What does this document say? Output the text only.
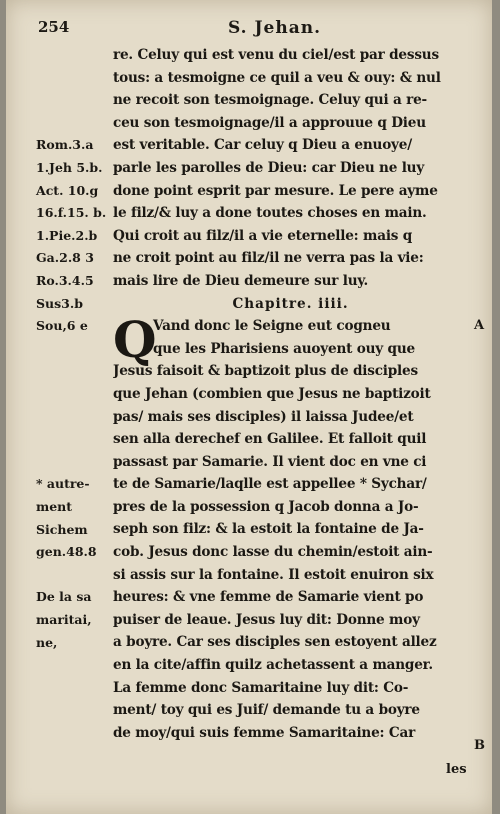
254	S. Jehan.
re. Celuy qui est venu du ciel/est par dessus
tous: a tesmoigne ce quil a veu & ouy: & nul
ne recoit son tesmoignage. Celuy qui a re-
ceu son tesmoignage/il a approuue q Dieu
est veritable. Car celuy q Dieu a enuoye/
parle les parolles de Dieu: car Dieu ne luy
done point esprit par mesure. Le pere ayme
le filz/& luy a done toutes choses en main.
Qui croit au filz/il a vie eternelle: mais q
ne croit point au filz/il ne verra pas la vie:
mais lire de Dieu demeure sur luy.
Chapitre. iiii.
Vand donc le Seigne eut cogneu
que les Pharisiens auoyent ouy que
Jesus faisoit & baptizoit plus de disciples
que Jehan (combien que Jesus ne baptizoit
pas/ mais ses disciples) il laissa Judee/et
sen alla derechef en Galilee. Et falloit quil
passast par Samarie. Il vient doc en vne ci
te de Samarie/laqlle est appellee * Sychar/
pres de la possession q Jacob donna a Jo-
seph son filz: & la estoit la fontaine de Ja-
cob. Jesus donc lasse du chemin/estoit ain-
si assis sur la fontaine. Il estoit enuiron six
heures: & vne femme de Samarie vient po
puiser de leaue. Jesus luy dit: Donne moy
a boyre. Car ses disciples sen estoyent allez
en la cite/affin quilz achetassent a manger.
La femme donc Samaritaine luy dit: Co-
ment/ toy qui es Juif/ demande tu a boyre
de moy/qui suis femme Samaritaine: Car
Q
Rom.3.a
1.Jeh 5.b.
Act. 10.g
16.f.15. b.
1.Pie.2.b
Ga.2.8 3
Ro.3.4.5
Sus3.b
Sou,6 e
* autre-
ment
Sichem
gen.48.8
De la sa
maritai,
ne,
A
B
les
